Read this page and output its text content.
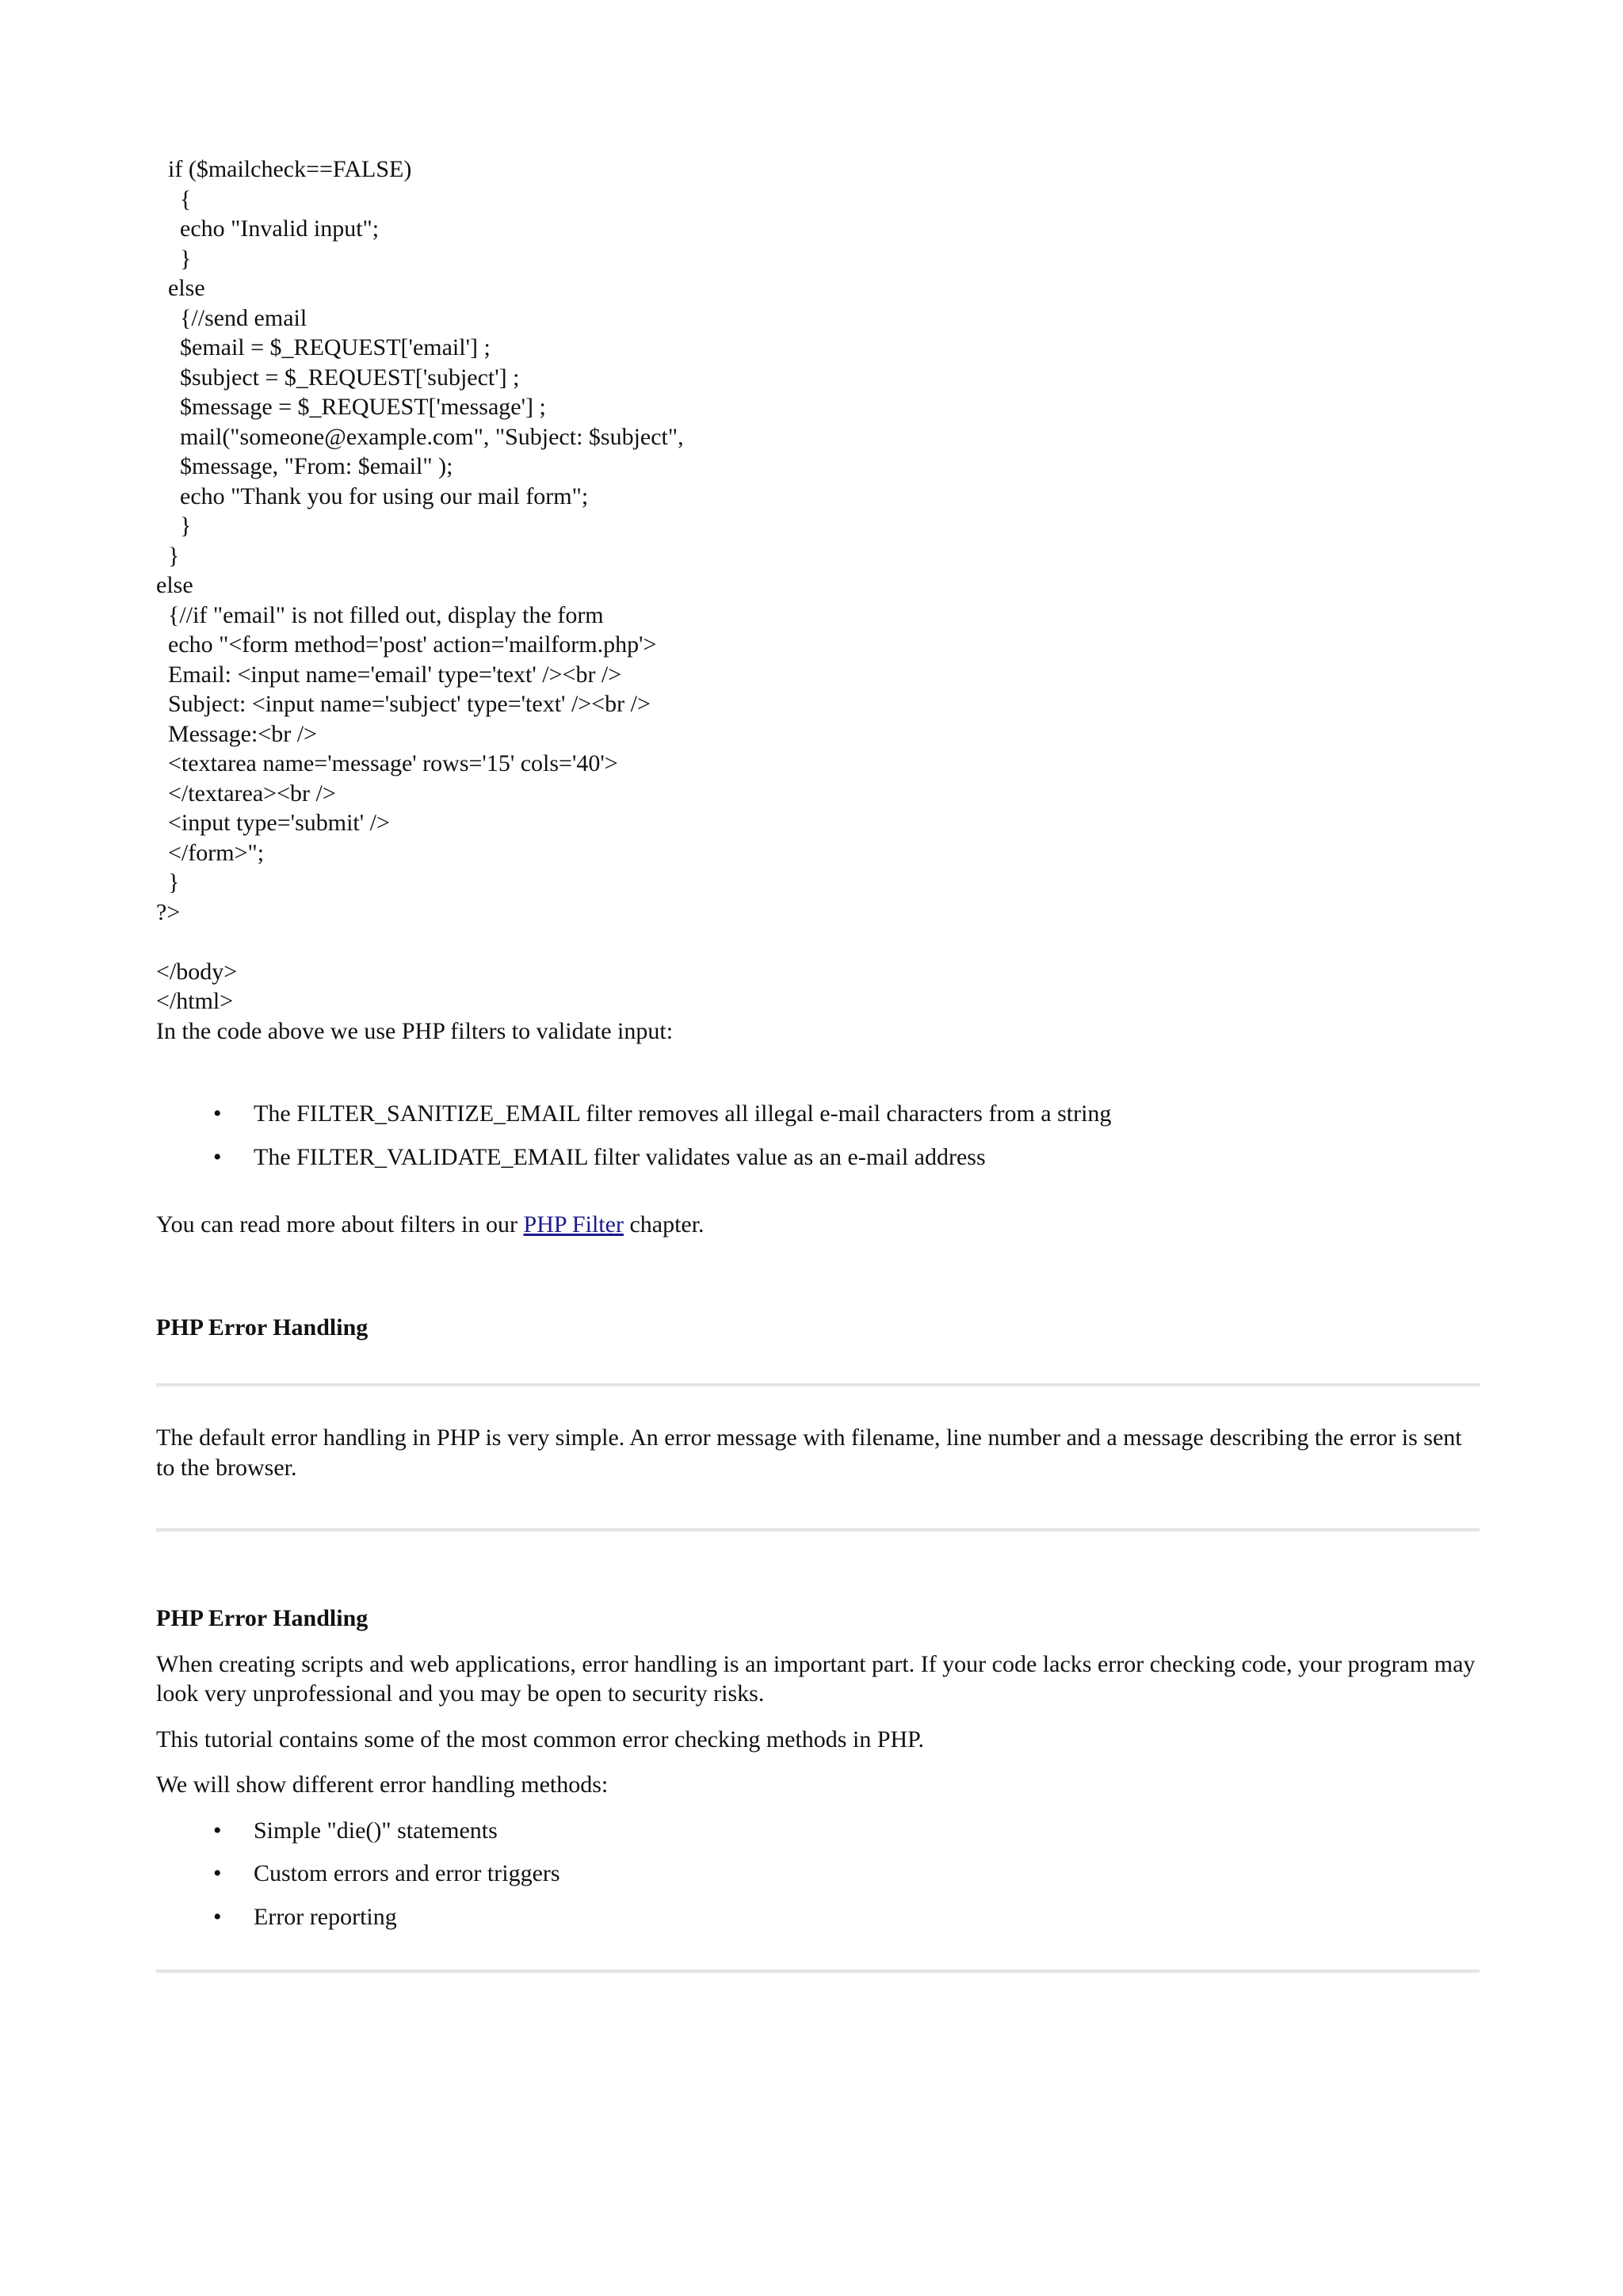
if ($mailcheck==FALSE)
{
echo "Invalid input";
}
else
{//send email
$email = $_REQUEST['email'] ;
$subject = $_REQUEST['subject'] ;
$message = $_REQUEST['message'] ;
mail("someone@example.com", "Subject: $subject",
$message, "From: $email" );
echo "Thank you for using our mail form";
}
}
else
{//if "email" is not filled out, display the form
echo "<form method='post' action='mailform.php'>
Email: <input name='email' type='text' /><br />
Subject: <input name='subject' type='text' /><br />
Message:<br />
<textarea name='message' rows='15' cols='40'>
</textarea><br />
<input type='submit' />
</form>";
}
?>
</body>
</html>

In the code above we use PHP filters to validate input:

• The FILTER_SANITIZE_EMAIL filter removes all illegal e-mail characters from a string
• The FILTER_VALIDATE_EMAIL filter validates value as an e-mail address

You can read more about filters in our PHP Filter chapter.

PHP Error Handling

The default error handling in PHP is very simple. An error message with filename, line number and a message describing the error is sent to the browser.

PHP Error Handling

When creating scripts and web applications, error handling is an important part. If your code lacks error checking code, your program may look very unprofessional and you may be open to security risks.

This tutorial contains some of the most common error checking methods in PHP.

We will show different error handling methods:

• Simple "die()" statements
• Custom errors and error triggers
• Error reporting
